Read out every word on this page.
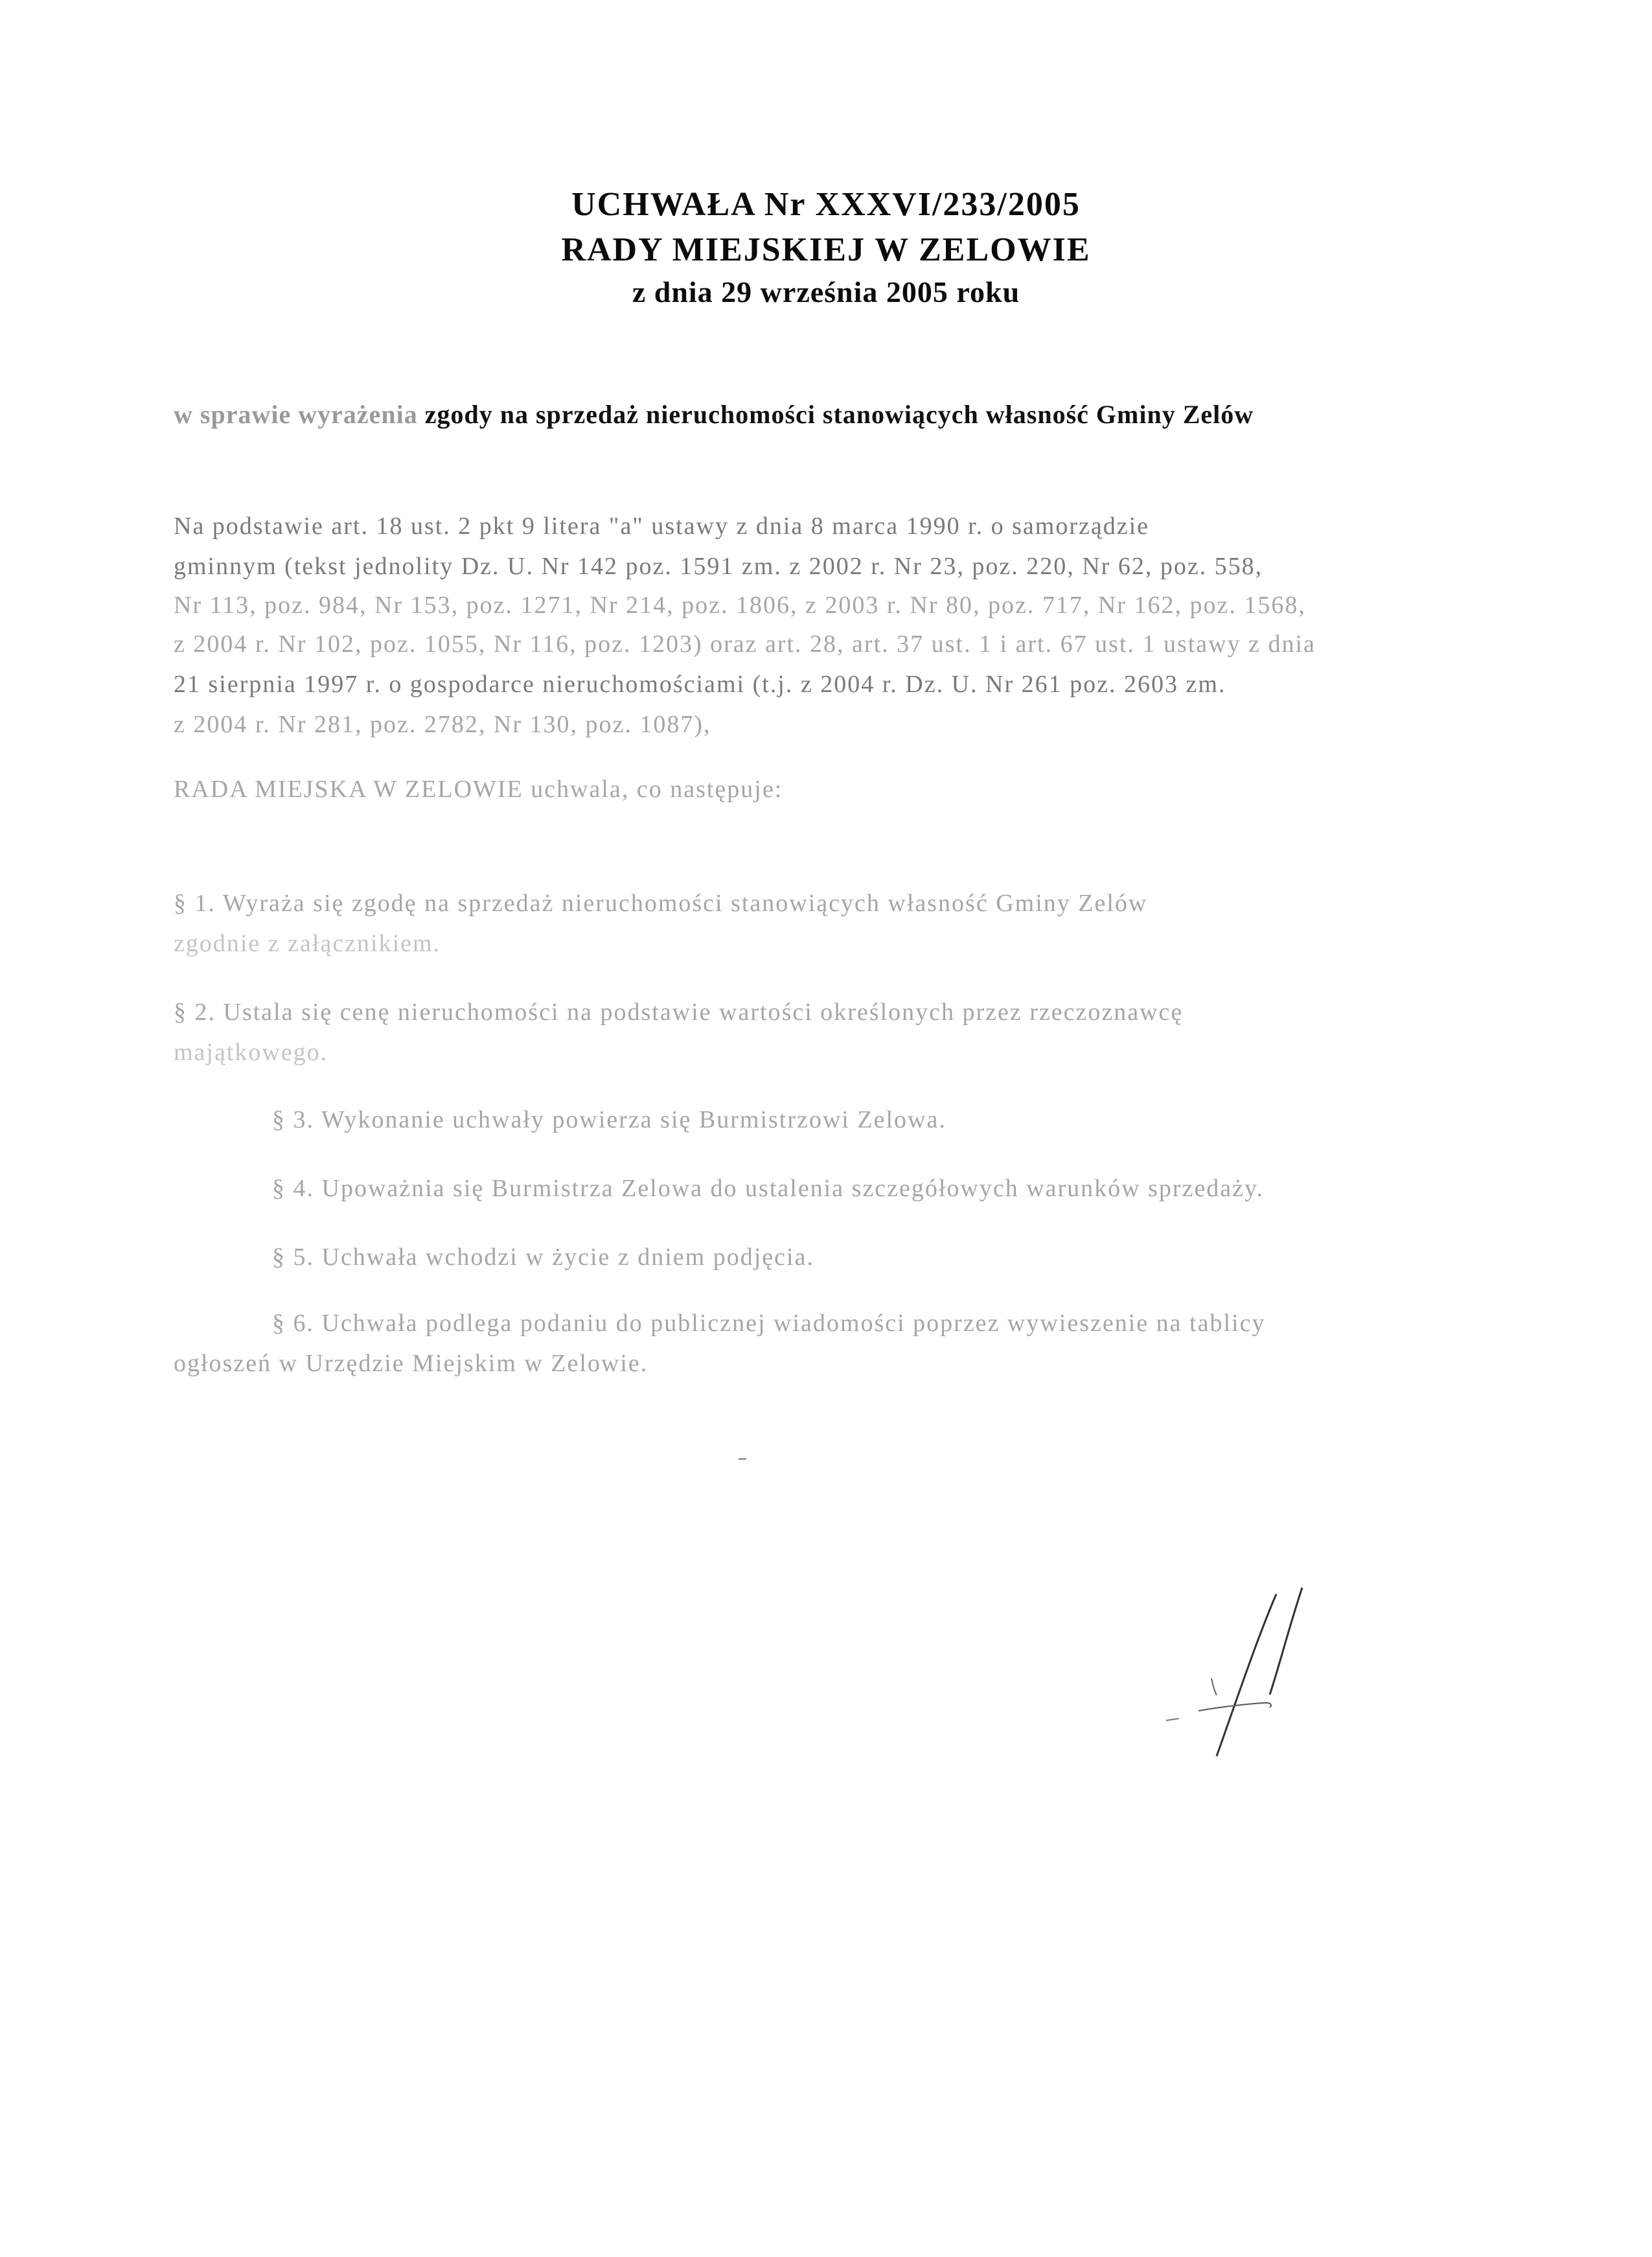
UCHWAŁA Nr XXXVI/233/2005
RADY MIEJSKIEJ W ZELOWIE
z dnia 29 września 2005 roku
w sprawie wyrażenia zgody na sprzedaż nieruchomości stanowiących własność Gminy Zelów
Na podstawie art. 18 ust. 2 pkt 9 litera "a" ustawy z dnia 8 marca 1990 r. o samorządzie
gminnym (tekst jednolity Dz. U. Nr 142 poz. 1591 zm. z 2002 r. Nr 23, poz. 220, Nr 62, poz. 558,
Nr 113, poz. 984, Nr 153, poz. 1271, Nr 214, poz. 1806, z 2003 r. Nr 80, poz. 717, Nr 162, poz. 1568,
z 2004 r. Nr 102, poz. 1055, Nr 116, poz. 1203) oraz art. 28, art. 37 ust. 1 i art. 67 ust. 1 ustawy z dnia
21 sierpnia 1997 r. o gospodarce nieruchomościami (t.j. z 2004 r. Dz. U. Nr 261 poz. 2603 zm.
z 2004 r. Nr 281, poz. 2782, Nr 130, poz. 1087),
RADA MIEJSKA W ZELOWIE uchwala, co następuje:
§ 1. Wyraża się zgodę na sprzedaż nieruchomości stanowiących własność Gminy Zelów
zgodnie z załącznikiem.
§ 2. Ustala się cenę nieruchomości na podstawie wartości określonych przez rzeczoznawcę
majątkowego.
§ 3. Wykonanie uchwały powierza się Burmistrzowi Zelowa.
§ 4. Upoważnia się Burmistrza Zelowa do ustalenia szczegółowych warunków sprzedaży.
§ 5. Uchwała wchodzi w życie z dniem podjęcia.
§ 6. Uchwała podlega podaniu do publicznej wiadomości poprzez wywieszenie na tablicy
ogłoszeń w Urzędzie Miejskim w Zelowie.
